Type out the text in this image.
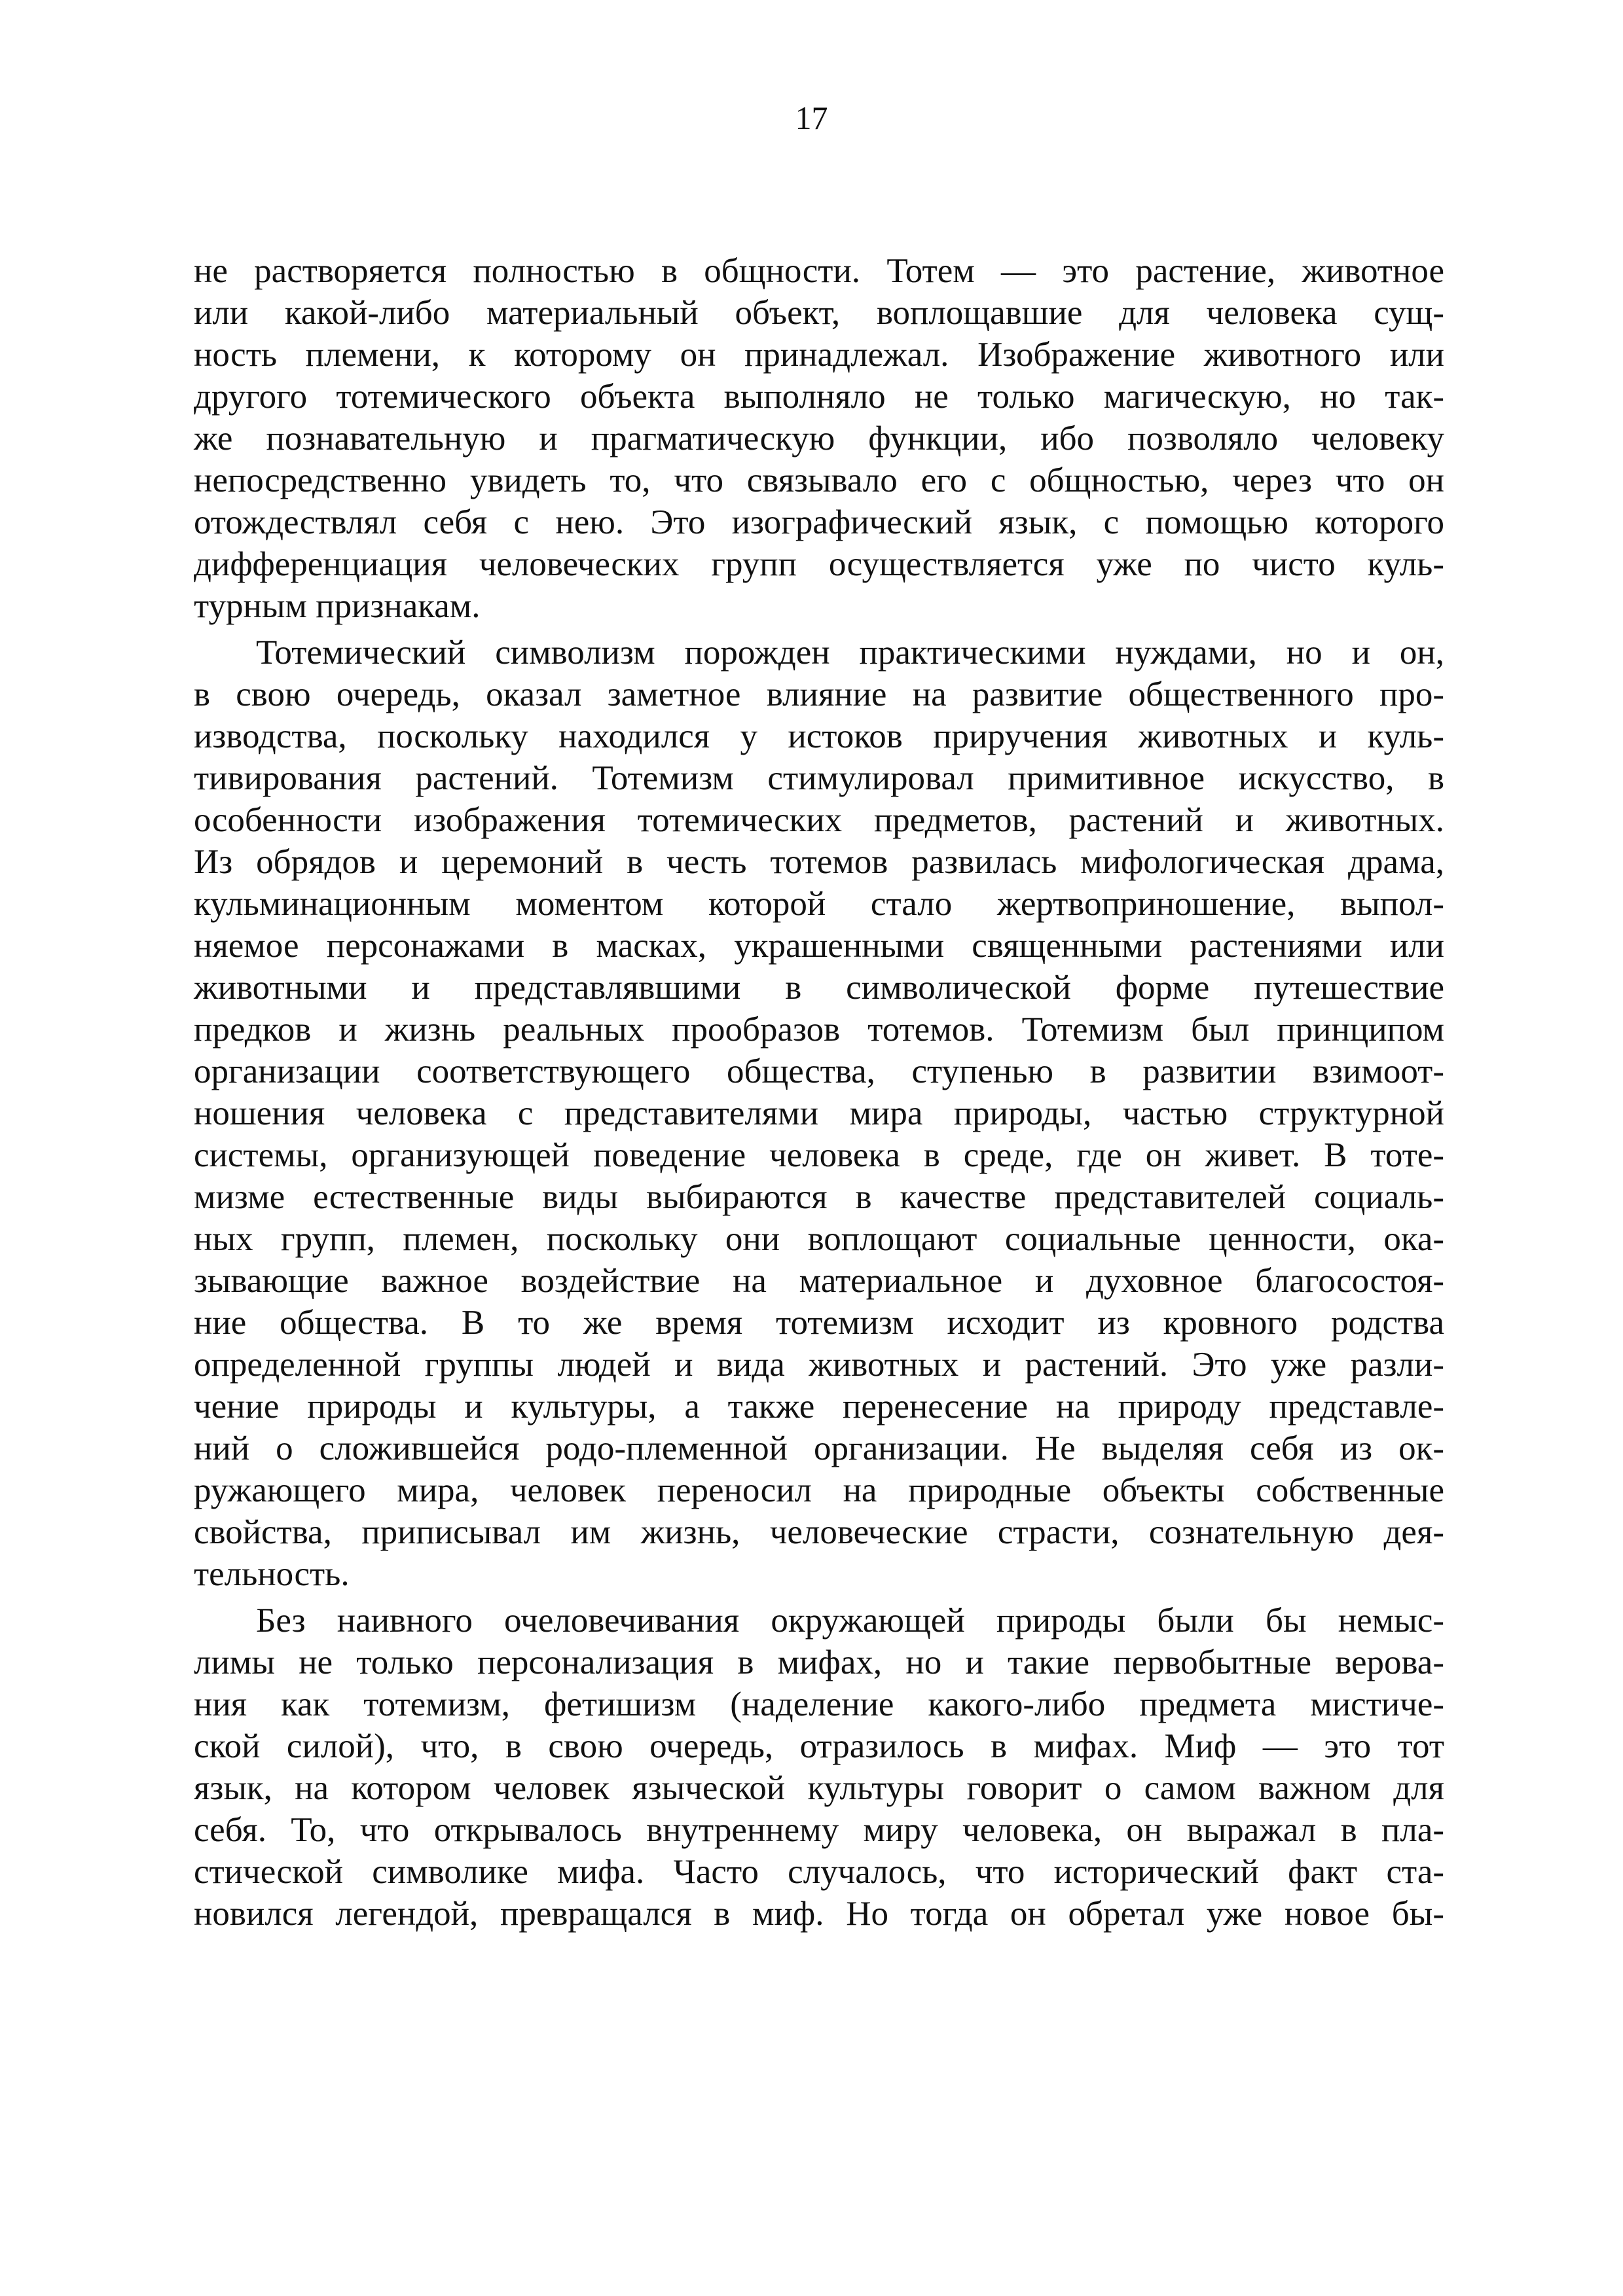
17
не растворяется полностью в общности. Тотем — это растение, животное
или какой-либо материальный объект, воплощавшие для человека сущ-
ность племени, к которому он принадлежал. Изображение животного или
другого тотемического объекта выполняло не только магическую, но так-
же познавательную и прагматическую функции, ибо позволяло человеку
непосредственно увидеть то, что связывало его с общностью, через что он
отождествлял себя с нею. Это изографический язык, с помощью которого
дифференциация человеческих групп осуществляется уже по чисто куль-
турным признакам.
Тотемический символизм порожден практическими нуждами, но и он,
в свою очередь, оказал заметное влияние на развитие общественного про-
изводства, поскольку находился у истоков приручения животных и куль-
тивирования растений. Тотемизм стимулировал примитивное искусство, в
особенности изображения тотемических предметов, растений и животных.
Из обрядов и церемоний в честь тотемов развилась мифологическая драма,
кульминационным моментом которой стало жертвоприношение, выпол-
няемое персонажами в масках, украшенными священными растениями или
животными и представлявшими в символической форме путешествие
предков и жизнь реальных прообразов тотемов. Тотемизм был принципом
организации соответствующего общества, ступенью в развитии взимоот-
ношения человека с представителями мира природы, частью структурной
системы, организующей поведение человека в среде, где он живет. В тоте-
мизме естественные виды выбираются в качестве представителей социаль-
ных групп, племен, поскольку они воплощают социальные ценности, ока-
зывающие важное воздействие на материальное и духовное благосостоя-
ние общества. В то же время тотемизм исходит из кровного родства
определенной группы людей и вида животных и растений. Это уже разли-
чение природы и культуры, а также перенесение на природу представле-
ний о сложившейся родо-племенной организации. Не выделяя себя из ок-
ружающего мира, человек переносил на природные объекты собственные
свойства, приписывал им жизнь, человеческие страсти, сознательную дея-
тельность.
Без наивного очеловечивания окружающей природы были бы немыс-
лимы не только персонализация в мифах, но и такие первобытные верова-
ния как тотемизм, фетишизм (наделение какого-либо предмета мистиче-
ской силой), что, в свою очередь, отразилось в мифах. Миф — это тот
язык, на котором человек языческой культуры говорит о самом важном для
себя. То, что открывалось внутреннему миру человека, он выражал в пла-
стической символике мифа. Часто случалось, что исторический факт ста-
новился легендой, превращался в миф. Но тогда он обретал уже новое бы-
